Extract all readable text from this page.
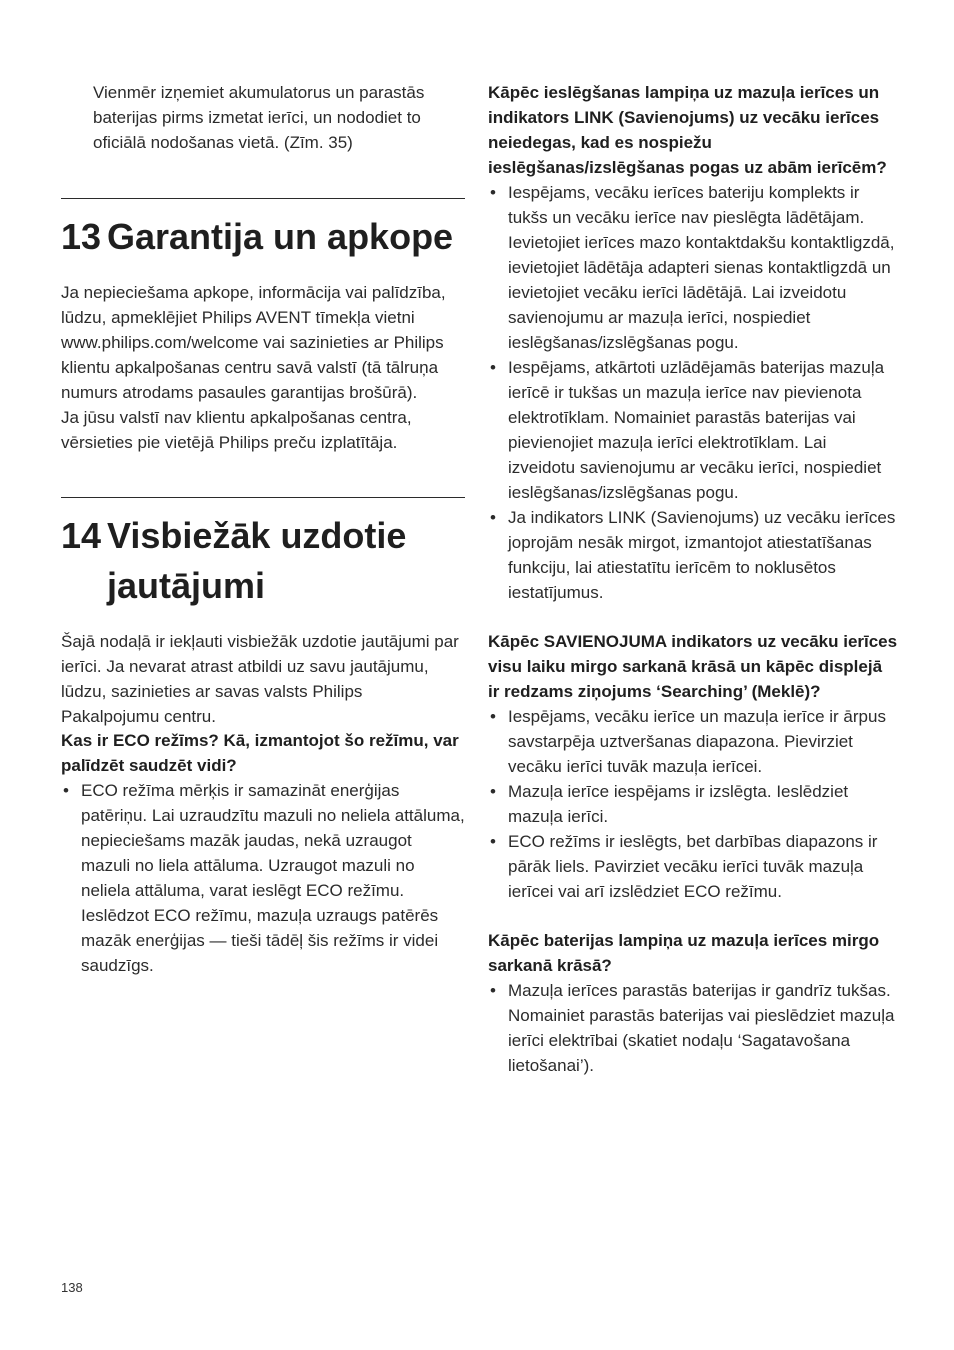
Vienmēr izņemiet akumulatorus un parastās baterijas pirms izmetat ierīci, un nododiet to oficiālā nodošanas vietā. (Zīm. 35)

13 Garantija un apkope

Ja nepieciešama apkope, informācija vai palīdzība, lūdzu, apmeklējiet Philips AVENT tīmekļa vietni www.philips.com/welcome vai sazinieties ar Philips klientu apkalpošanas centru savā valstī (tā tālruņa numurs atrodams pasaules garantijas brošūrā).

Ja jūsu valstī nav klientu apkalpošanas centra, vērsieties pie vietējā Philips preču izplatītāja.

14 Visbiežāk uzdotie
jautājumi

Šajā nodaļā ir iekļauti visbiežāk uzdotie jautājumi par ierīci. Ja nevarat atrast atbildi uz savu jautājumu, lūdzu, sazinieties ar savas valsts Philips Pakalpojumu centru.

Kas ir ECO režīms? Kā, izmantojot šo režīmu, var palīdzēt saudzēt vidi?

• ECO režīma mērķis ir samazināt enerģijas patēriņu. Lai uzraudzītu mazuli no neliela attāluma, nepieciešams mazāk jaudas, nekā uzraugot mazuli no liela attāluma. Uzraugot mazuli no neliela attāluma, varat ieslēgt ECO režīmu. Ieslēdzot ECO režīmu, mazuļa uzraugs patērēs mazāk enerģijas — tieši tādēļ šis režīms ir videi saudzīgs.

Kāpēc ieslēgšanas lampiņa uz mazuļa ierīces un indikators LINK (Savienojums) uz vecāku ierīces neiedegas, kad es nospiežu ieslēgšanas/izslēgšanas pogas uz abām ierīcēm?

• Iespējams, vecāku ierīces bateriju komplekts ir tukšs un vecāku ierīce nav pieslēgta lādētājam. Ievietojiet ierīces mazo kontaktdakšu kontaktligzdā, ievietojiet lādētāja adapteri sienas kontaktligzdā un ievietojiet vecāku ierīci lādētājā. Lai izveidotu savienojumu ar mazuļa ierīci, nospiediet ieslēgšanas/izslēgšanas pogu.
• Iespējams, atkārtoti uzlādējamās baterijas mazuļa ierīcē ir tukšas un mazuļa ierīce nav pievienota elektrotīklam. Nomainiet parastās baterijas vai pievienojiet mazuļa ierīci elektrotīklam. Lai izveidotu savienojumu ar vecāku ierīci, nospiediet ieslēgšanas/izslēgšanas pogu.
• Ja indikators LINK (Savienojums) uz vecāku ierīces joprojām nesāk mirgot, izmantojot atiestatīšanas funkciju, lai atiestatītu ierīcēm to noklusētos iestatījumus.

Kāpēc SAVIENOJUMA indikators uz vecāku ierīces visu laiku mirgo sarkanā krāsā un kāpēc displejā ir redzams ziņojums ‘Searching’ (Meklē)?

• Iespējams, vecāku ierīce un mazuļa ierīce ir ārpus savstarpēja uztveršanas diapazona. Pievirziet vecāku ierīci tuvāk mazuļa ierīcei.
• Mazuļa ierīce iespējams ir izslēgta. Ieslēdziet mazuļa ierīci.
• ECO režīms ir ieslēgts, bet darbības diapazons ir pārāk liels. Pavirziet vecāku ierīci tuvāk mazuļa ierīcei vai arī izslēdziet ECO režīmu.

Kāpēc baterijas lampiņa uz mazuļa ierīces mirgo sarkanā krāsā?

• Mazuļa ierīces parastās baterijas ir gandrīz tukšas. Nomainiet parastās baterijas vai pieslēdziet mazuļa ierīci elektrībai (skatiet nodaļu ‘Sagatavošana lietošanai’).
138
